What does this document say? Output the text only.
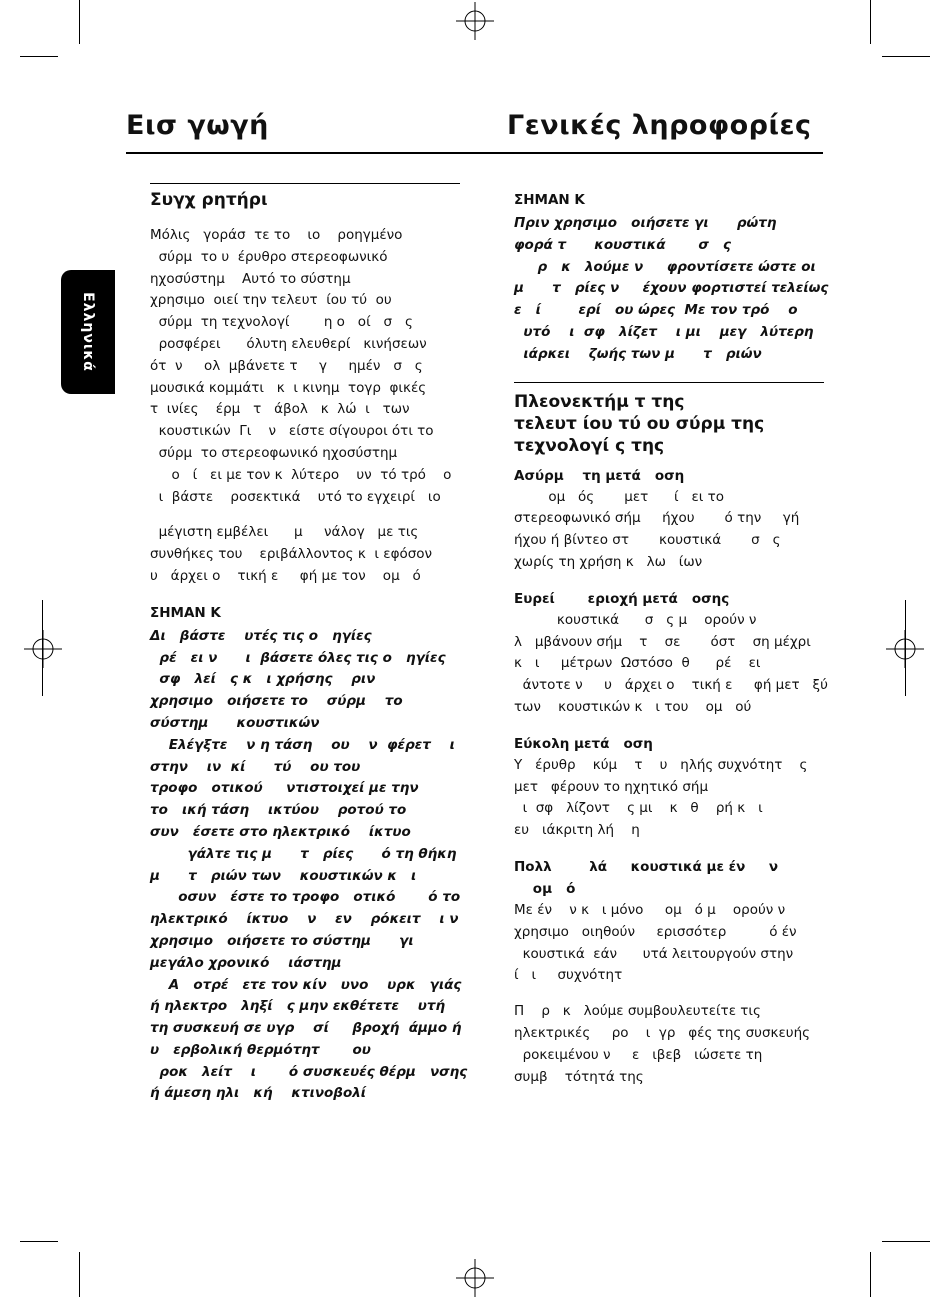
Εισ γωγή	Γενικές ληροφορίες
Ελληνικά
Συγχ ρητήρι

Μόλις   γοράσ  τε το    ιο    ροηγμένο

σύρμ  το υ  έρυθρο στερεοφωνικό

ηχοσύστημ    Αυτό το σύστημ

χρησιμο  οιεί την τελευτ  ίου τύ  ου

σύρμ  τη τεχνολογί        η ο   οί   σ   ς

ροσφέρει      όλυτη ελευθερί   κινήσεων

ότ  ν     ολ  μβάνετε τ     γ     ημέν   σ   ς

μουσικά κομμάτι   κ  ι κινημ  τογρ  φικές

τ  ινίες    έρμ   τ   άβολ   κ  λώ  ι   των

κουστικών  Γι    ν   είστε σίγουροι ότι το

σύρμ  το στερεοφωνικό ηχοσύστημ

ο   ί   ει με τον κ  λύτερο    υν  τό τρό    ο

ι  βάστε    ροσεκτικά    υτό το εγχειρί   ιο

μέγιστη εμβέλει      μ     νάλογ   με τις

συνθήκες του    εριβάλλοντος κ  ι εφόσον

υ   άρχει ο    τική ε     φή με τον    ομ   ό

ΣΗΜΑΝ Κ
Δι   βάστε    υτές τις ο   ηγίες
ρέ   ει ν      ι  βάσετε όλες τις ο   ηγίες
σφ   λεί   ς κ   ι χρήσης    ριν
χρησιμο   οιήσετε το    σύρμ    το
σύστημ      κουστικών
Ελέγξτε    ν η τάση    ου    ν  φέρετ    ι
στην    ιν  κί      τύ    ου του
τροφο   οτικού     ντιστοιχεί με την
το   ική τάση    ικτύου    ροτού το
συν   έσετε στο ηλεκτρικό    ίκτυο
γάλτε τις μ      τ   ρίες      ό τη θήκη
μ      τ   ριών των    κουστικών κ   ι
οσυν   έστε το τροφο   οτικό       ό το
ηλεκτρικό    ίκτυο    ν    εν    ρόκειτ    ι ν
χρησιμο   οιήσετε το σύστημ      γι
μεγάλο χρονικό    ιάστημ
Α   οτρέ   ετε τον κίν   υνο    υρκ   γιάς
ή ηλεκτρο   ληξί   ς μην εκθέτετε    υτή
τη συσκευή σε υγρ    σί     βροχή  άμμο ή
υ   ερβολική θερμότητ       ου
ροκ   λείτ    ι       ό συσκευές θέρμ   νσης
ή άμεση ηλι   κή    κτινοβολί
ΣΗΜΑΝ Κ
Πριν χρησιμο   οιήσετε γι      ρώτη
φορά τ      κουστικά       σ   ς
ρ   κ   λούμε ν     φροντίσετε ώστε οι
μ      τ   ρίες ν     έχουν φορτιστεί τελείως
ε   ί        ερί   ου ώρες  Με τον τρό    ο
υτό    ι  σφ   λίζετ    ι μι    μεγ   λύτερη
ιάρκει    ζωής των μ      τ   ριών
Πλεονεκτήμ τ της
τελευτ ίου τύ ου σύρμ της
τεχνολογί ς της
Ασύρμ    τη μετά   οση

ομ   ός       μετ      ί   ει το

στερεοφωνικό σήμ     ήχου       ό την     γή

ήχου ή βίντεο στ       κουστικά       σ   ς

χωρίς τη χρήση κ   λω   ίων

Ευρεί       εριοχή μετά   οσης

κουστικά      σ   ς μ    ορούν ν

λ   μβάνουν σήμ    τ    σε       όστ    ση μέχρι

κ   ι     μέτρων  Ωστόσο  θ      ρέ    ει

άντοτε ν     υ   άρχει ο    τική ε     φή μετ   ξύ

των    κουστικών κ   ι του    ομ   ού

Εύκολη μετά   οση

Υ   έρυθρ    κύμ    τ    υ   ηλής συχνότητ    ς

μετ   φέρουν το ηχητικό σήμ

ι  σφ   λίζοντ    ς μι    κ   θ    ρή κ   ι

ευ   ιάκριτη λή    η

Πολλ        λά     κουστικά με έν     ν
ομ   ό

Με έν    ν κ   ι μόνο     ομ   ό μ    ορούν ν

χρησιμο   οιηθούν     ερισσότερ          ό έν

κουστικά  εάν      υτά λειτουργούν στην

ί   ι     συχνότητ

Π    ρ   κ   λούμε συμβουλευτείτε τις

ηλεκτρικές     ρο    ι  γρ   φές της συσκευής

ροκειμένου ν     ε   ιβεβ   ιώσετε τη

συμβ    τότητά της
